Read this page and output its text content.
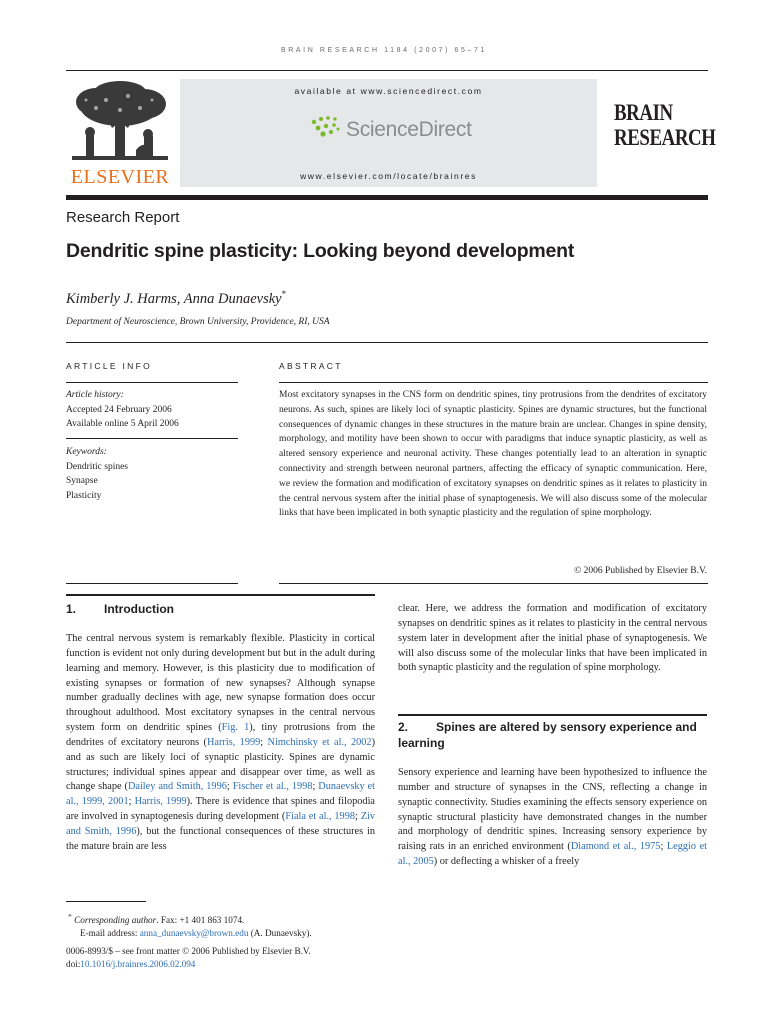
BRAIN RESEARCH 1184 (2007) 65–71
ELSEVIER
available at www.sciencedirect.com
ScienceDirect
www.elsevier.com/locate/brainres
BRAIN
RESEARCH
Research Report
Dendritic spine plasticity: Looking beyond development
Kimberly J. Harms, Anna Dunaevsky*
Department of Neuroscience, Brown University, Providence, RI, USA
ARTICLE INFO	ABSTRACT
Article history:
Accepted 24 February 2006
Available online 5 April 2006
Keywords:
Dendritic spines
Synapse
Plasticity
Most excitatory synapses in the CNS form on dendritic spines, tiny protrusions from the dendrites of excitatory neurons. As such, spines are likely loci of synaptic plasticity. Spines are dynamic structures, but the functional consequences of dynamic changes in these structures in the mature brain are unclear. Changes in spine density, morphology, and motility have been shown to occur with paradigms that induce synaptic plasticity, as well as altered sensory experience and neuronal activity. These changes potentially lead to an alteration in synaptic connectivity and strength between neuronal partners, affecting the efficacy of synaptic communication. Here, we review the formation and modification of excitatory synapses on dendritic spines as it relates to plasticity in the central nervous system after the initial phase of synaptogenesis. We will also discuss some of the molecular links that have been implicated in both synaptic plasticity and the regulation of spine morphology.
© 2006 Published by Elsevier B.V.
1. Introduction
The central nervous system is remarkably flexible. Plasticity in cortical function is evident not only during development but but in the adult during learning and memory. However, is this plasticity due to modification of existing synapses or formation of new synapses? Although synapse number gradually declines with age, new synapse formation does occur throughout adulthood. Most excitatory synapses in the central nervous system form on dendritic spines (Fig. 1), tiny protrusions from the dendrites of excitatory neurons (Harris, 1999; Nimchinsky et al., 2002) and as such are likely loci of synaptic plasticity. Spines are dynamic structures; individual spines appear and disappear over time, as well as change shape (Dailey and Smith, 1996; Fischer et al., 1998; Dunaevsky et al., 1999, 2001; Harris, 1999). There is evidence that spines and filopodia are involved in synaptogenesis during development (Fiala et al., 1998; Ziv and Smith, 1996), but the functional consequences of these structures in the mature brain are less
clear. Here, we address the formation and modification of excitatory synapses on dendritic spines as it relates to plasticity in the central nervous system later in development after the initial phase of synaptogenesis. We will also discuss some of the molecular links that have been implicated in both synaptic plasticity and the regulation of spine morphology.
2. Spines are altered by sensory experience and learning
Sensory experience and learning have been hypothesized to influence the number and structure of synapses in the CNS, reflecting a change in synaptic connectivity. Studies examining the effects sensory experience on synaptic structural plasticity have demonstrated changes in the number and morphology of dendritic spines. Increasing sensory experience by raising rats in an enriched environment (Diamond et al., 1975; Leggio et al., 2005) or deflecting a whisker of a freely
* Corresponding author. Fax: +1 401 863 1074.
E-mail address: anna_dunaevsky@brown.edu (A. Dunaevsky).
0006-8993/$ – see front matter © 2006 Published by Elsevier B.V.
doi:10.1016/j.brainres.2006.02.094
